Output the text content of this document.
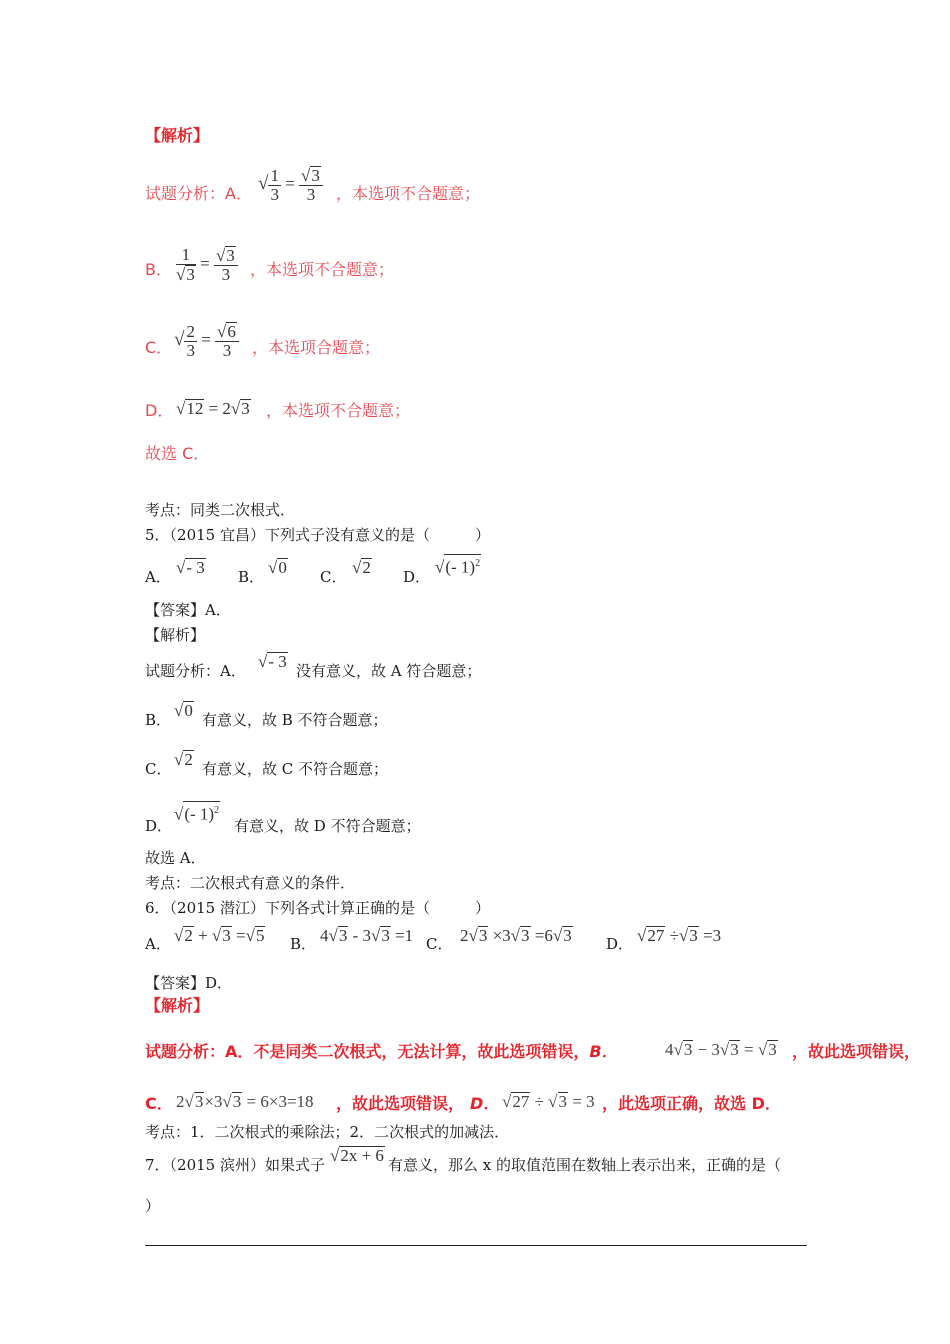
【解析】
试题分析：A． √ $\frac{1}{3} = \frac{√3}{3}$ ，本选项不合题意；
B． $\frac{1}{√3} = \frac{√3}{3}$ ，本选项不合题意；
C． √ $\frac{2}{3} = \frac{√6}{3}$ ，本选项合题意；
D． √12 = 2√3 ，本选项不合题意；
故选 C．
考点：同类二次根式．
5．（2015 宜昌）下列式子没有意义的是（　　　）
A． √- 3 B． √0 C． √2 D．
√(- 1)$^2$
【答案】A．
【解析】
试题分析：A． √- 3 没有意义，故 A 符合题意；
B． √0 有意义，故 B 不符合题意；
C． √2 有意义，故 C 不符合题意；
D．
√(- 1)$^2$
有意义，故 D 不符合题意；
故选 A．
考点：二次根式有意义的条件．
6．（2015 潜江）下列各式计算正确的是（　　　）
A． √2 + √3 =√5 B． 4√3 - 3√3 =1 C． 2√3 ×3√3 =6√3 D． √27 ÷√3 =3
【答案】D．
【解析】
试题分析：A．不是同类二次根式，无法计算，故此选项错误，B．	4√3 − 3√3 = √3 ，故此选项错误，
C． 2√3×3√3 = 6×3=18 ，故此选项错误， D． √27 ÷ √3 = 3 ，此选项正确，故选 D．
考点：1．二次根式的乘除法；2．二次根式的加减法．
7．（2015 滨州）如果式子 √2x + 6 有意义，那么 x 的取值范围在数轴上表示出来，正确的是（
）
